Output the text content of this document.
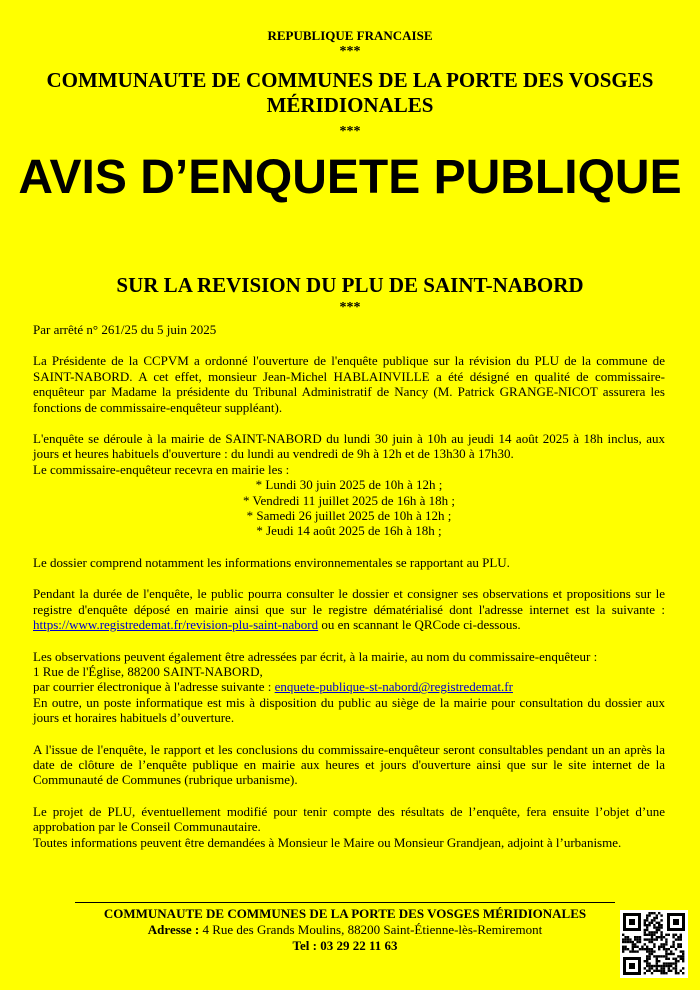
REPUBLIQUE FRANCAISE
***
COMMUNAUTE DE COMMUNES DE LA PORTE DES VOSGES MÉRIDIONALES
***
AVIS D’ENQUETE PUBLIQUE
SUR LA REVISION DU PLU DE SAINT-NABORD
***

Par arrêté n° 261/25 du 5 juin 2025

La Présidente de la CCPVM a ordonné l'ouverture de l'enquête publique sur la révision du PLU de la commune de SAINT-NABORD. A cet effet, monsieur Jean-Michel HABLAINVILLE a été désigné en qualité de commissaire-enquêteur par Madame la présidente du Tribunal Administratif de Nancy (M. Patrick GRANGE-NICOT assurera les fonctions de commissaire-enquêteur suppléant).

L'enquête se déroule à la mairie de SAINT-NABORD du lundi 30 juin à 10h au jeudi 14 août 2025 à 18h inclus, aux jours et heures habituels d'ouverture : du lundi au vendredi de 9h à 12h et de 13h30 à 17h30.
Le commissaire-enquêteur recevra en mairie les :
* Lundi 30 juin 2025 de 10h à 12h ;
* Vendredi 11 juillet 2025 de 16h à 18h ;
* Samedi 26 juillet 2025 de 10h à 12h ;
* Jeudi 14 août 2025 de 16h à 18h ;

Le dossier comprend notamment les informations environnementales se rapportant au PLU.

Pendant la durée de l'enquête, le public pourra consulter le dossier et consigner ses observations et propositions sur le registre d'enquête déposé en mairie ainsi que sur le registre dématérialisé dont l'adresse internet est la suivante : https://www.registredemat.fr/revision-plu-saint-nabord ou en scannant le QRCode ci-dessous.

Les observations peuvent également être adressées par écrit, à la mairie, au nom du commissaire-enquêteur :
1 Rue de l'Église, 88200 SAINT-NABORD,
par courrier électronique à l'adresse suivante : enquete-publique-st-nabord@registredemat.fr
En outre, un poste informatique est mis à disposition du public au siège de la mairie pour consultation du dossier aux jours et horaires habituels d’ouverture.

A l'issue de l'enquête, le rapport et les conclusions du commissaire-enquêteur seront consultables pendant un an après la date de clôture de l’enquête publique en mairie aux heures et jours d'ouverture ainsi que sur le site internet de la Communauté de Communes (rubrique urbanisme).

Le projet de PLU, éventuellement modifié pour tenir compte des résultats de l’enquête, fera ensuite l’objet d’une approbation par le Conseil Communautaire.
Toutes informations peuvent être demandées à Monsieur le Maire ou Monsieur Grandjean, adjoint à l’urbanisme.

COMMUNAUTE DE COMMUNES DE LA PORTE DES VOSGES MÉRIDIONALES
Adresse : 4 Rue des Grands Moulins, 88200 Saint-Étienne-lès-Remiremont
Tel : 03 29 22 11 63
